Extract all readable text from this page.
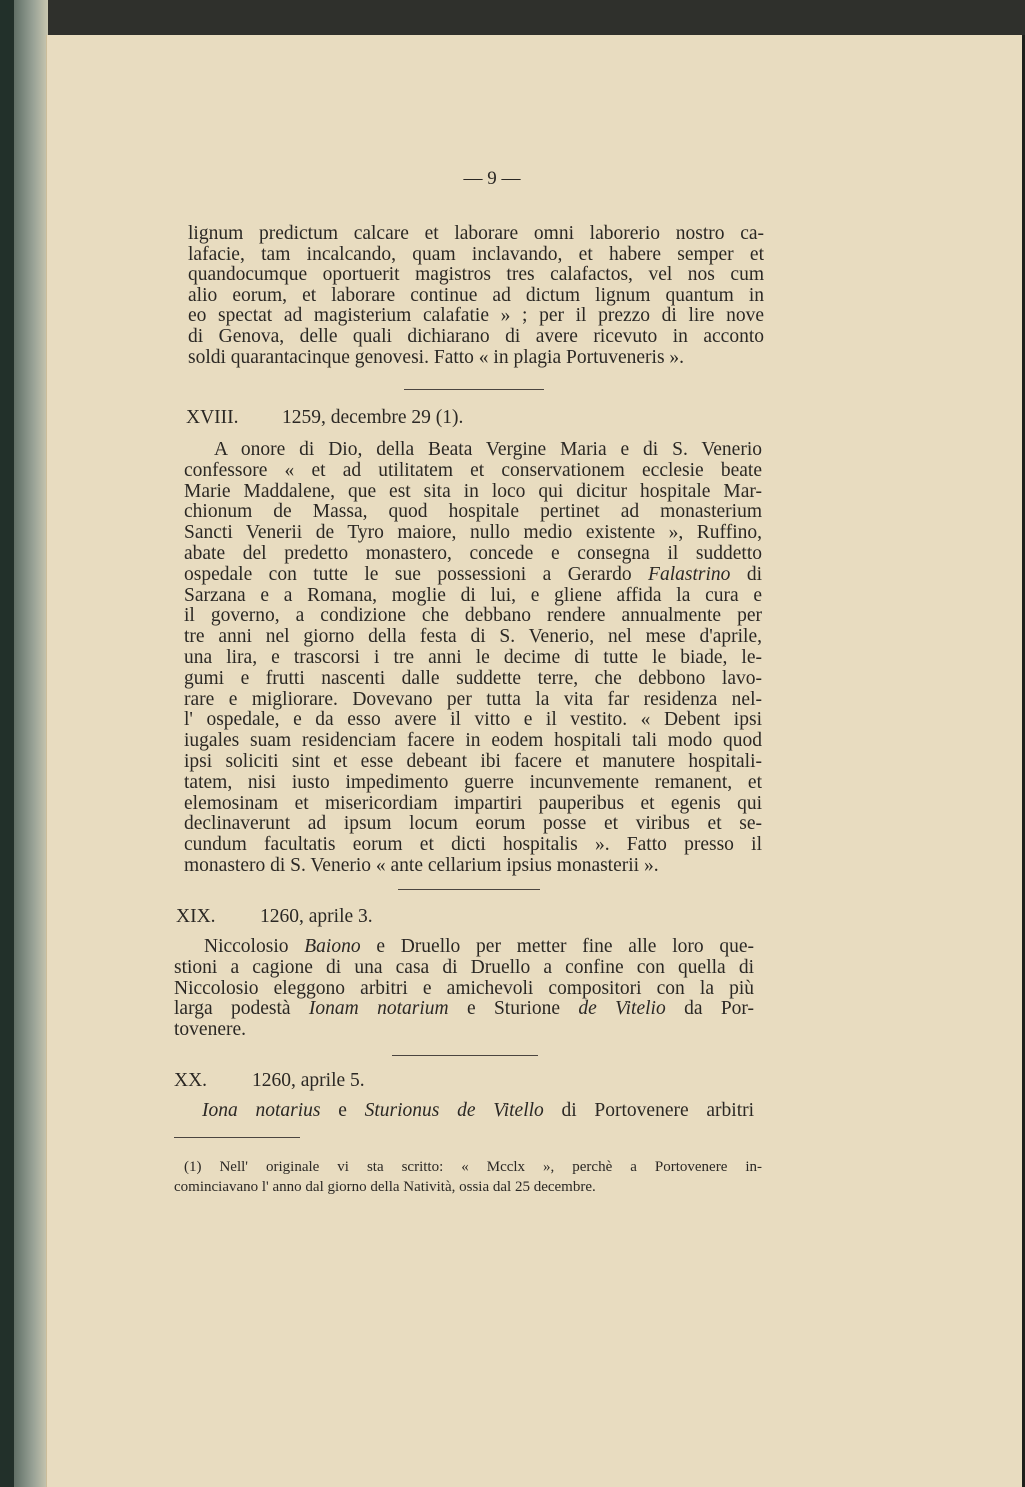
— 9 —
lignum predictum calcare et laborare omni laborerio nostro ca-
lafacie, tam incalcando, quam inclavando, et habere semper et
quandocumque oportuerit magistros tres calafactos, vel nos cum
alio eorum, et laborare continue ad dictum lignum quantum in
eo spectat ad magisterium calafatie » ; per il prezzo di lire nove
di Genova, delle quali dichiarano di avere ricevuto in acconto
soldi quarantacinque genovesi. Fatto « in plagia Portuveneris ».
XVIII. 1259, decembre 29 (1).
A onore di Dio, della Beata Vergine Maria e di S. Venerio
confessore « et ad utilitatem et conservationem ecclesie beate
Marie Maddalene, que est sita in loco qui dicitur hospitale Mar-
chionum de Massa, quod hospitale pertinet ad monasterium
Sancti Venerii de Tyro maiore, nullo medio existente », Ruffino,
abate del predetto monastero, concede e consegna il suddetto
ospedale con tutte le sue possessioni a Gerardo Falastrino di
Sarzana e a Romana, moglie di lui, e gliene affida la cura e
il governo, a condizione che debbano rendere annualmente per
tre anni nel giorno della festa di S. Venerio, nel mese d'aprile,
una lira, e trascorsi i tre anni le decime di tutte le biade, le-
gumi e frutti nascenti dalle suddette terre, che debbono lavo-
rare e migliorare. Dovevano per tutta la vita far residenza nel-
l' ospedale, e da esso avere il vitto e il vestito. « Debent ipsi
iugales suam residenciam facere in eodem hospitali tali modo quod
ipsi soliciti sint et esse debeant ibi facere et manutere hospitali-
tatem, nisi iusto impedimento guerre incunvemente remanent, et
elemosinam et misericordiam impartiri pauperibus et egenis qui
declinaverunt ad ipsum locum eorum posse et viribus et se-
cundum facultatis eorum et dicti hospitalis ». Fatto presso il
monastero di S. Venerio « ante cellarium ipsius monasterii ».
XIX. 1260, aprile 3.
Niccolosio Baiono e Druello per metter fine alle loro que-
stioni a cagione di una casa di Druello a confine con quella di
Niccolosio eleggono arbitri e amichevoli compositori con la più
larga podestà Ionam notarium e Sturione de Vitelio da Por-
tovenere.
XX. 1260, aprile 5.
Iona notarius e Sturionus de Vitello di Portovenere arbitri
(1) Nell' originale vi sta scritto: « Mcclx », perchè a Portovenere in-
cominciavano l' anno dal giorno della Natività, ossia dal 25 decembre.
